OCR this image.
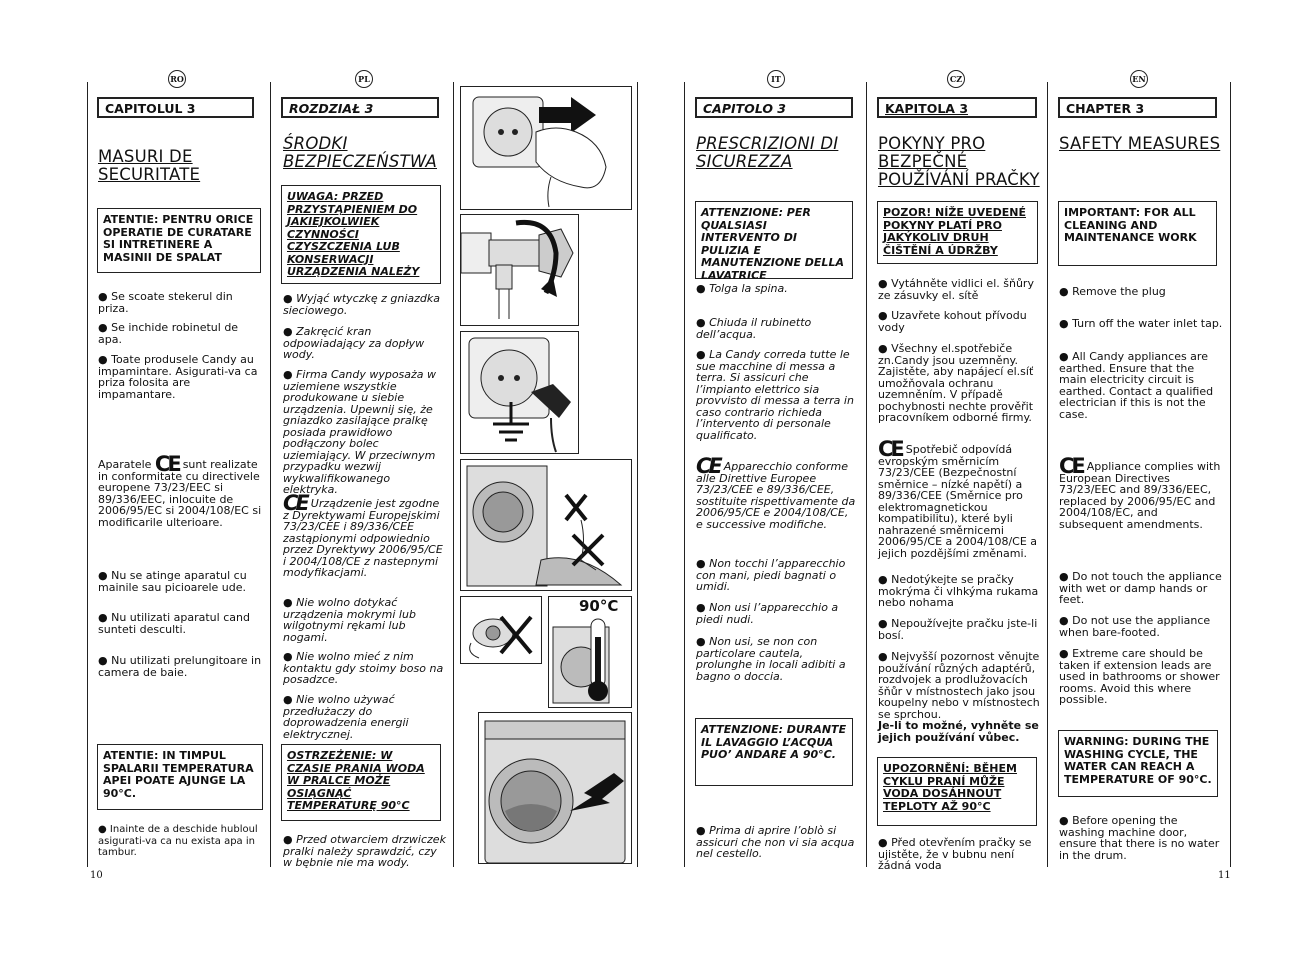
10	11
RO
CAPITOLUL 3
MASURI DE SECURITATE
ATENTIE: PENTRU ORICE OPERATIE DE CURATARE SI INTRETINERE A MASINII DE SPALAT
● Se scoate stekerul din priza.
● Se inchide robinetul de apa.
● Toate produsele Candy au impamintare. Asigurati-va ca priza folosita are impamantare.
Aparatele CE sunt realizate in conformitate cu directivele europene 73/23/EEC si 89/336/EEC, inlocuite de 2006/95/EC si 2004/108/EC si modificarile ulterioare.
● Nu se atinge aparatul cu mainile sau picioarele ude.
● Nu utilizati aparatul cand sunteti desculti.
● Nu utilizati prelungitoare in camera de baie.
ATENTIE: IN TIMPUL SPALARII TEMPERATURA APEI POATE AJUNGE LA 90°C.
● Inainte de a deschide hubloul asigurati-va ca nu exista apa in tambur.
PL
ROZDZIAŁ 3
ŚRODKI BEZPIECZEŃSTWA
UWAGA: PRZED PRZYSTĄPIENIEM DO JAKIEJKOLWIEK CZYNNOŚCI CZYSZCZENIA LUB KONSERWACJI URZĄDZENIA NALEŻY
● Wyjąć wtyczkę z gniazdka sieciowego.
● Zakręcić kran odpowiadający za dopływ wody.
● Firma Candy wyposaża w uziemiene wszystkie produkowane u siebie urządzenia. Upewnij się, że gniazdko zasilające pralkę posiada prawidłowo podłączony bolec uziemiający. W przeciwnym przypadku wezwij wykwalifikowanego elektryka.
CE Urządzenie jest zgodne z Dyrektywami Europejskimi 73/23/CEE i 89/336/CEE zastąpionymi odpowiednio przez Dyrektywy 2006/95/CE i 2004/108/CE z nastepnymi modyfikacjami.
● Nie wolno dotykać urządzenia mokrymi lub wilgotnymi rękami lub nogami.
● Nie wolno mieć z nim kontaktu gdy stoimy boso na posadzce.
● Nie wolno używać przedłużaczy do doprowadzenia energii elektrycznej.
OSTRZEŻENIE: W CZASIE PRANIA WODA W PRALCE MOŻE OSIĄGNĄĆ TEMPERATURĘ 90°C
● Przed otwarciem drzwiczek pralki należy sprawdzić, czy w bębnie nie ma wody.
90°C
IT
CAPITOLO 3
PRESCRIZIONI DI SICUREZZA
ATTENZIONE: PER QUALSIASI INTERVENTO DI PULIZIA E MANUTENZIONE DELLA LAVATRICE
● Tolga la spina.
● Chiuda il rubinetto dell’acqua.
● La Candy correda tutte le sue macchine di messa a terra. Si assicuri che l’impianto elettrico sia provvisto di messa a terra in caso contrario richieda l’intervento di personale qualificato.
CE Apparecchio conforme alle Direttive Europee 73/23/CEE e 89/336/CEE, sostituite rispettivamente da 2006/95/CE e 2004/108/CE, e successive modifiche.
● Non tocchi l’apparecchio con mani, piedi bagnati o umidi.
● Non usi l’apparecchio a piedi nudi.
● Non usi, se non con particolare cautela, prolunghe in locali adibiti a bagno o doccia.
ATTENZIONE: DURANTE IL LAVAGGIO L’ACQUA PUO’ ANDARE A 90°C.
● Prima di aprire l’oblò si assicuri che non vi sia acqua nel cestello.
CZ
KAPITOLA 3
POKYNY PRO BEZPEČNÉ POUŽÍVÁNÍ PRAČKY
POZOR! NÍŽE UVEDENÉ POKYNY PLATÍ PRO JAKÝKOLIV DRUH ČIŠTĚNÍ A ÚDRŽBY
● Vytáhněte vidlici el. šňůry ze zásuvky el. sítě
● Uzavřete kohout přívodu vody
● Všechny el.spotřebiče zn.Candy jsou uzemněny. Zajistěte, aby napájecí el.síť umožňovala ochranu uzemněním. V případě pochybnosti nechte prověřit pracovníkem odborné firmy.
CE Spotřebič odpovídá evropským směrnicím 73/23/CEE (Bezpečnostní směrnice – nízké napětí) a 89/336/CEE (Směrnice pro elektromagnetickou kompatibilitu), které byli nahrazené směrnicemi 2006/95/CE a 2004/108/CE a jejich pozdějšími změnami.
● Nedotýkejte se pračky mokrýma či vlhkýma rukama nebo nohama
● Nepoužívejte pračku jste-li bosí.
● Nejvyšší pozornost věnujte používání různých adaptérů, rozdvojek a prodlužovacích šňůr v místnostech jako jsou koupelny nebo v místnostech se sprchou.
Je-li to možné, vyhněte se jejich používání vůbec.
UPOZORNĚNÍ: BĚHEM CYKLU PRANÍ MŮŽE VODA DOSÁHNOUT TEPLOTY AŽ 90°C
● Před otevřením pračky se ujistěte, že v bubnu není žádná voda
EN
CHAPTER 3
SAFETY MEASURES
IMPORTANT: FOR ALL CLEANING AND MAINTENANCE WORK
● Remove the plug
● Turn off the water inlet tap.
● All Candy appliances are earthed. Ensure that the main electricity circuit is earthed. Contact a qualified electrician if this is not the case.
CE Appliance complies with European Directives 73/23/EEC and 89/336/EEC, replaced by 2006/95/EC and 2004/108/EC, and subsequent amendments.
● Do not touch the appliance with wet or damp hands or feet.
● Do not use the appliance when bare-footed.
● Extreme care should be taken if extension leads are used in bathrooms or shower rooms. Avoid this where possible.
WARNING: DURING THE WASHING CYCLE, THE WATER CAN REACH A TEMPERATURE OF 90°C.
● Before opening the washing machine door, ensure that there is no water in the drum.
